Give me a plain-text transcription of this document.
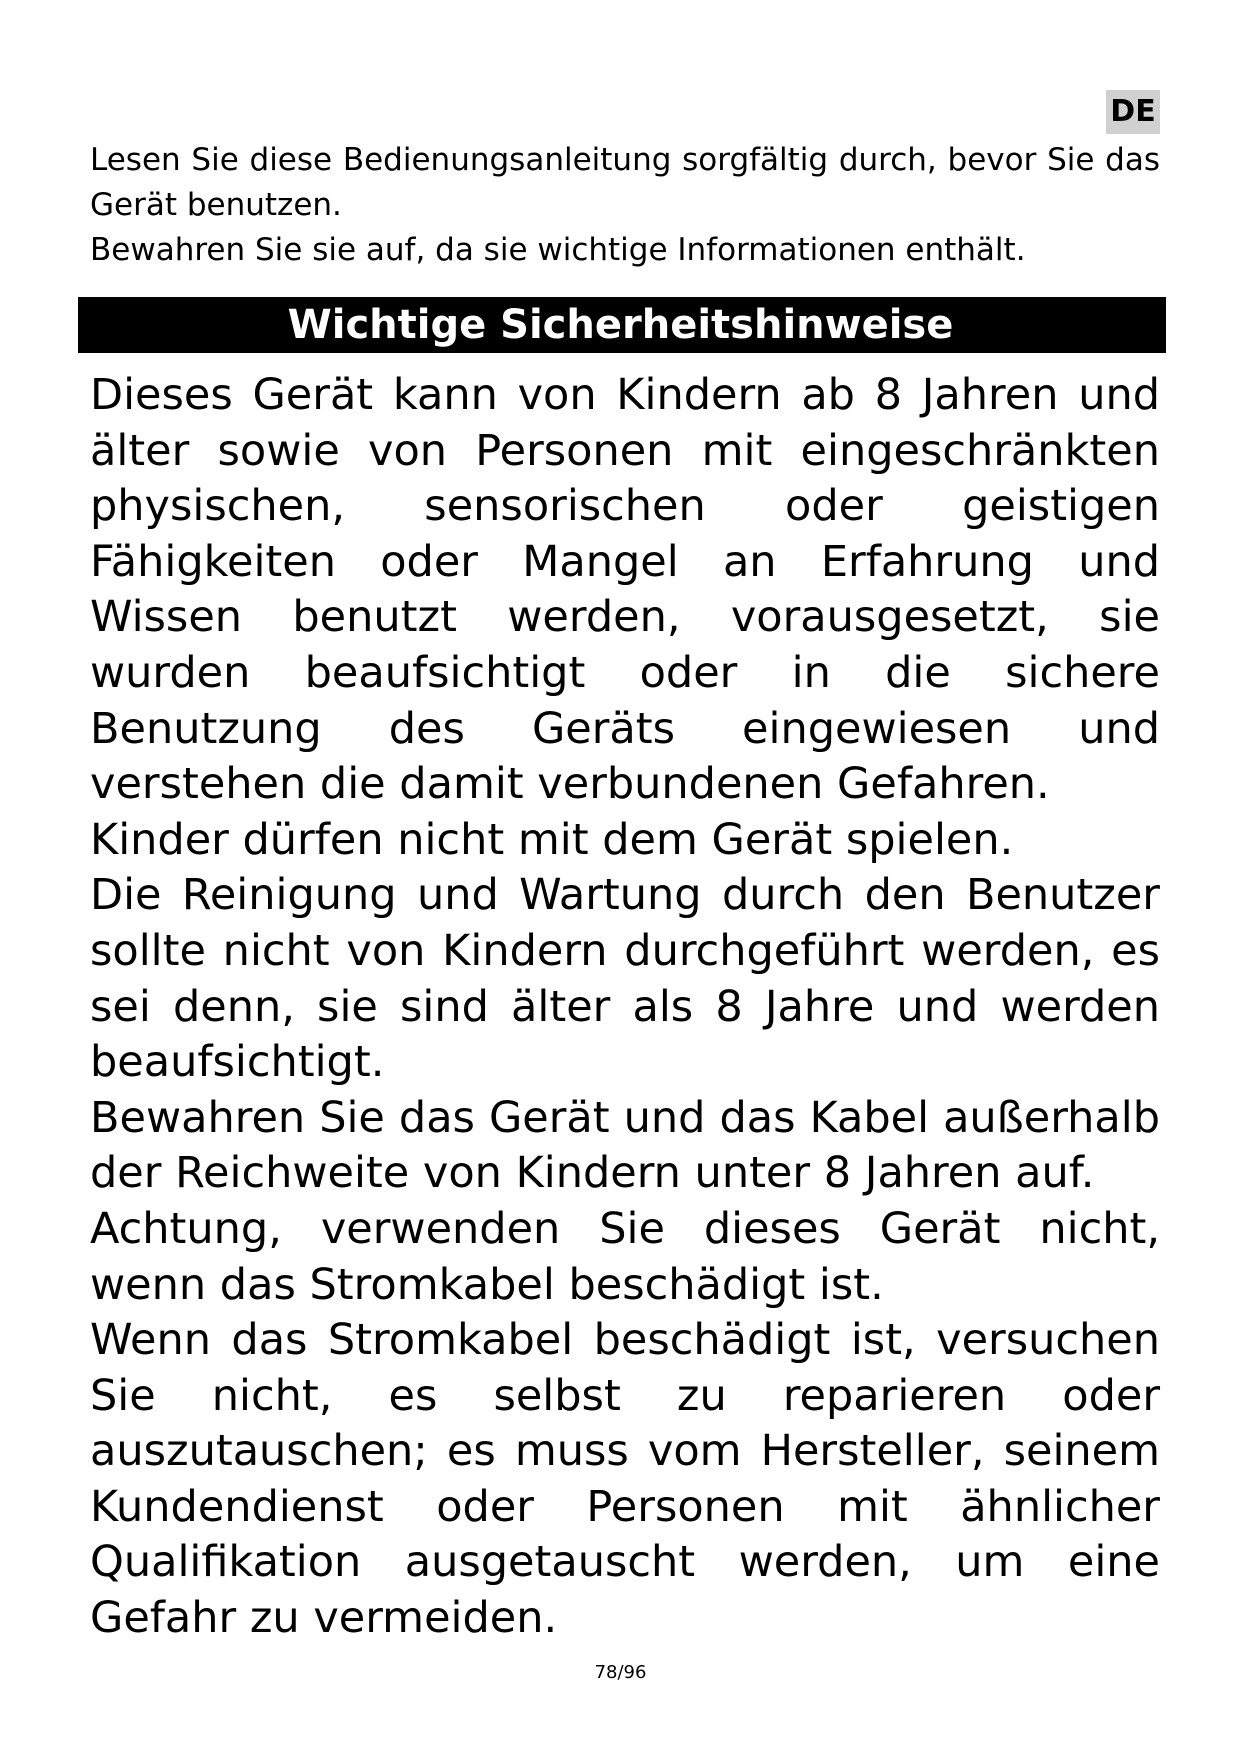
DE

Lesen Sie diese Bedienungsanleitung sorgfältig durch, bevor Sie das Gerät benutzen.

Bewahren Sie sie auf, da sie wichtige Informationen enthält.

Wichtige Sicherheitshinweise

Dieses Gerät kann von Kindern ab 8 Jahren und älter sowie von Personen mit eingeschränkten physischen, sensorischen oder geistigen Fähigkeiten oder Mangel an Erfahrung und Wissen benutzt werden, vorausgesetzt, sie wurden beaufsichtigt oder in die sichere Benutzung des Geräts eingewiesen und verstehen die damit verbundenen Gefahren.

Kinder dürfen nicht mit dem Gerät spielen.

Die Reinigung und Wartung durch den Benutzer sollte nicht von Kindern durchgeführt werden, es sei denn, sie sind älter als 8 Jahre und werden beaufsichtigt.

Bewahren Sie das Gerät und das Kabel außerhalb der Reichweite von Kindern unter 8 Jahren auf.

Achtung, verwenden Sie dieses Gerät nicht, wenn das Stromkabel beschädigt ist.

Wenn das Stromkabel beschädigt ist, versuchen Sie nicht, es selbst zu reparieren oder auszutauschen; es muss vom Hersteller, seinem Kundendienst oder Personen mit ähnlicher Qualifikation ausgetauscht werden, um eine Gefahr zu vermeiden.

78/96
